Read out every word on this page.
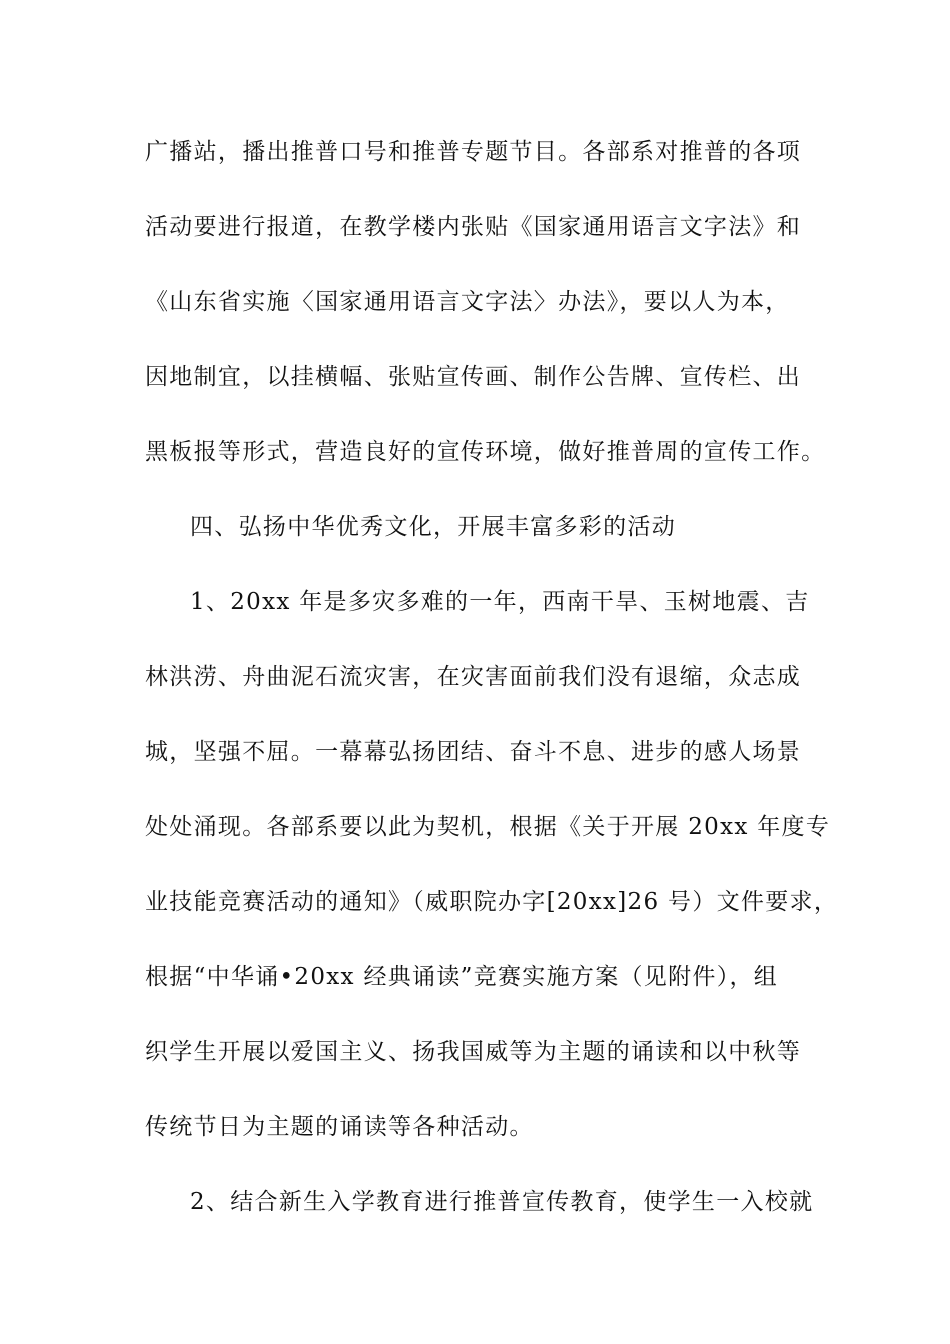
广播站，播出推普口号和推普专题节目。各部系对推普的各项
活动要进行报道，在教学楼内张贴《国家通用语言文字法》和
《山东省实施〈国家通用语言文字法〉办法》，要以人为本，
因地制宜，以挂横幅、张贴宣传画、制作公告牌、宣传栏、出
黑板报等形式，营造良好的宣传环境，做好推普周的宣传工作。
四、弘扬中华优秀文化，开展丰富多彩的活动
1、20xx 年是多灾多难的一年，西南干旱、玉树地震、吉
林洪涝、舟曲泥石流灾害，在灾害面前我们没有退缩，众志成
城，坚强不屈。一幕幕弘扬团结、奋斗不息、进步的感人场景
处处涌现。各部系要以此为契机，根据《关于开展 20xx 年度专
业技能竞赛活动的通知》（威职院办字[20xx]26 号）文件要求，
根据“中华诵•20xx 经典诵读”竞赛实施方案（见附件），组
织学生开展以爱国主义、扬我国威等为主题的诵读和以中秋等
传统节日为主题的诵读等各种活动。
2、结合新生入学教育进行推普宣传教育，使学生一入校就
